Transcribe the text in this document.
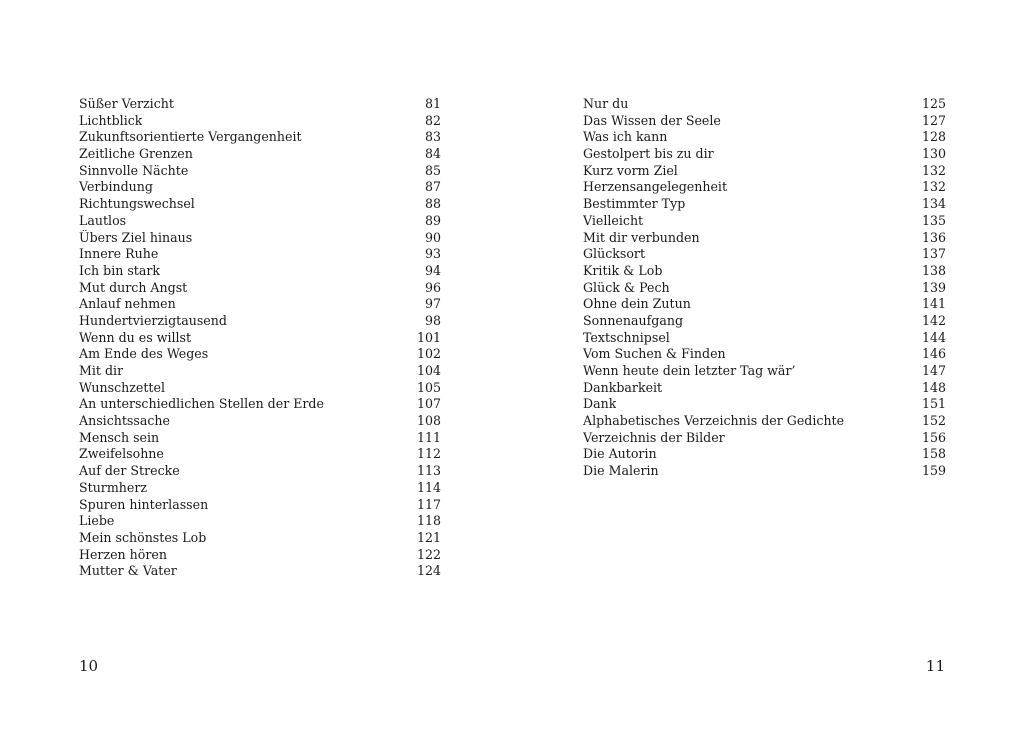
Süßer Verzicht	81
Lichtblick	82
Zukunftsorientierte Vergangenheit	83
Zeitliche Grenzen	84
Sinnvolle Nächte	85
Verbindung	87
Richtungswechsel	88
Lautlos	89
Übers Ziel hinaus	90
Innere Ruhe	93
Ich bin stark	94
Mut durch Angst	96
Anlauf nehmen	97
Hundertvierzigtausend	98
Wenn du es willst	101
Am Ende des Weges	102
Mit dir	104
Wunschzettel	105
An unterschiedlichen Stellen der Erde	107
Ansichtssache	108
Mensch sein	111
Zweifelsohne	112
Auf der Strecke	113
Sturmherz	114
Spuren hinterlassen	117
Liebe	118
Mein schönstes Lob	121
Herzen hören	122
Mutter & Vater	124
10
Nur du	125
Das Wissen der Seele	127
Was ich kann	128
Gestolpert bis zu dir	130
Kurz vorm Ziel	132
Herzensangelegenheit	132
Bestimmter Typ	134
Vielleicht	135
Mit dir verbunden	136
Glücksort	137
Kritik & Lob	138
Glück & Pech	139
Ohne dein Zutun	141
Sonnenaufgang	142
Textschnipsel	144
Vom Suchen & Finden	146
Wenn heute dein letzter Tag wär’	147
Dankbarkeit	148
Dank	151
Alphabetisches Verzeichnis der Gedichte	152
Verzeichnis der Bilder	156
Die Autorin	158
Die Malerin	159
11
